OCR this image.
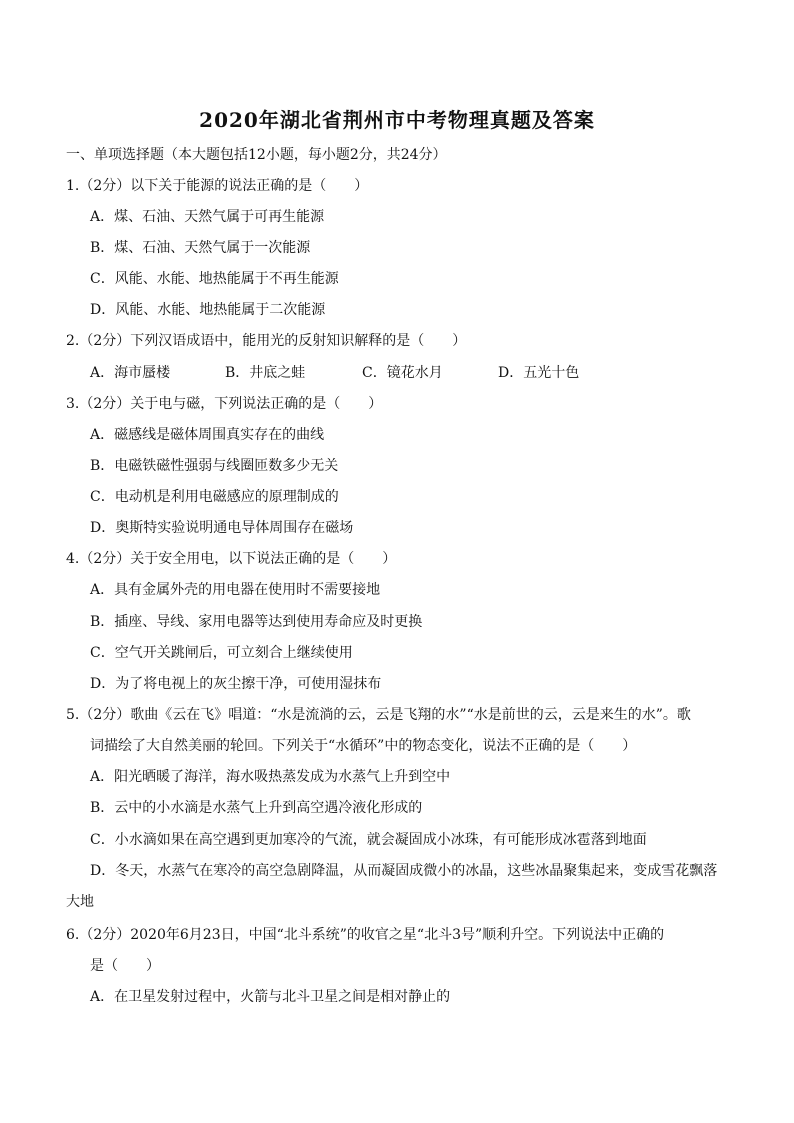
2020年湖北省荆州市中考物理真题及答案
一、单项选择题（本大题包括12小题，每小题2分，共24分）
1.（2分）以下关于能源的说法正确的是（　　）
A．煤、石油、天然气属于可再生能源
B．煤、石油、天然气属于一次能源
C．风能、水能、地热能属于不再生能源
D．风能、水能、地热能属于二次能源
2.（2分）下列汉语成语中，能用光的反射知识解释的是（　　）
A．海市蜃楼	B．井底之蛙	C．镜花水月	D．五光十色
3.（2分）关于电与磁，下列说法正确的是（　　）
A．磁感线是磁体周围真实存在的曲线
B．电磁铁磁性强弱与线圈匝数多少无关
C．电动机是利用电磁感应的原理制成的
D．奥斯特实验说明通电导体周围存在磁场
4.（2分）关于安全用电，以下说法正确的是（　　）
A．具有金属外壳的用电器在使用时不需要接地
B．插座、导线、家用电器等达到使用寿命应及时更换
C．空气开关跳闸后，可立刻合上继续使用
D．为了将电视上的灰尘擦干净，可使用湿抹布
5.（2分）歌曲《云在飞》唱道：“水是流淌的云，云是飞翔的水”“水是前世的云，云是来生的水”。歌
词描绘了大自然美丽的轮回。下列关于“水循环”中的物态变化，说法不正确的是（　　）
A．阳光晒暖了海洋，海水吸热蒸发成为水蒸气上升到空中
B．云中的小水滴是水蒸气上升到高空遇冷液化形成的
C．小水滴如果在高空遇到更加寒冷的气流，就会凝固成小冰珠，有可能形成冰雹落到地面
D．冬天，水蒸气在寒冷的高空急剧降温，从而凝固成微小的冰晶，这些冰晶聚集起来，变成雪花飘落
大地
6.（2分）2020年6月23日，中国“北斗系统”的收官之星“北斗3号”顺利升空。下列说法中正确的
是（　　）
A．在卫星发射过程中，火箭与北斗卫星之间是相对静止的
